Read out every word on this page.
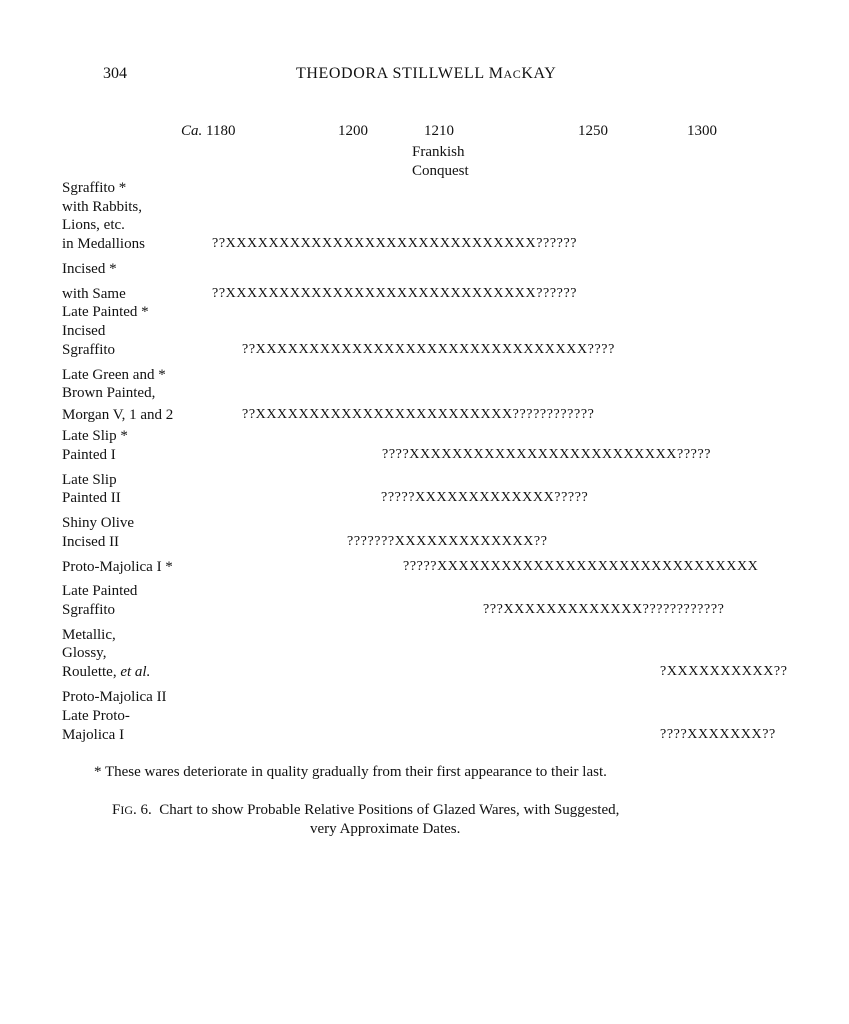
304	THEODORA STILLWELL MACKAY
Ca. 1180	1200	1210	1250	1300
Frankish
Conquest
Sgraffito *
with Rabbits,
Lions, etc.
in Medallions	??XXXXXXXXXXXXXXXXXXXXXXXXXXXXX??????
Incised *
with Same	??XXXXXXXXXXXXXXXXXXXXXXXXXXXXX??????
Late Painted *
Incised
Sgraffito	??XXXXXXXXXXXXXXXXXXXXXXXXXXXXXXX????
Late Green and *
Brown Painted,
Morgan V, 1 and 2	??XXXXXXXXXXXXXXXXXXXXXXXX????????????
Late Slip *
Painted I	????XXXXXXXXXXXXXXXXXXXXXXXXX?????
Late Slip
Painted II	?????XXXXXXXXXXXXX?????
Shiny Olive
Incised II	???????XXXXXXXXXXXXX??
Proto-Majolica I *	?????XXXXXXXXXXXXXXXXXXXXXXXXXXXXXX
Late Painted
Sgraffito	???XXXXXXXXXXXXX????????????
Metallic,
Glossy,
Roulette, et al.	?XXXXXXXXXX??
Proto-Majolica II
Late Proto-
Majolica I	????XXXXXXX??
* These wares deteriorate in quality gradually from their first appearance to their last.
FIG. 6.  Chart to show Probable Relative Positions of Glazed Wares, with Suggested,
very Approximate Dates.
